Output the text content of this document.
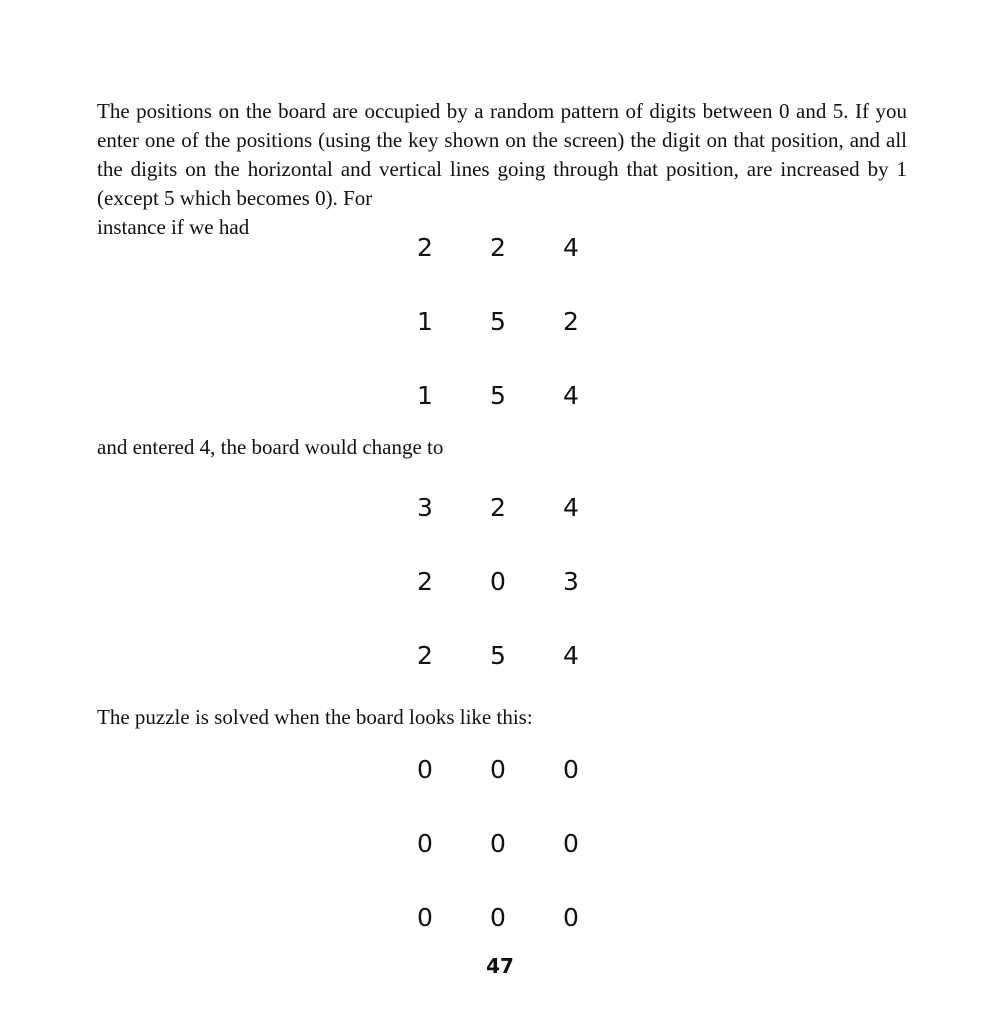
The positions on the board are occupied by a random pattern of digits between 0 and 5. If you enter one of the positions (using the key shown on the screen) the digit on that position, and all the digits on the horizontal and vertical lines going through that position, are increased by 1 (except 5 which becomes 0). For

instance if we had

2	2	4
1	5	2
1	5	4

and entered 4, the board would change to

3	2	4
2	0	3
2	5	4

The puzzle is solved when the board looks like this:

0	0	0
0	0	0
0	0	0
47
